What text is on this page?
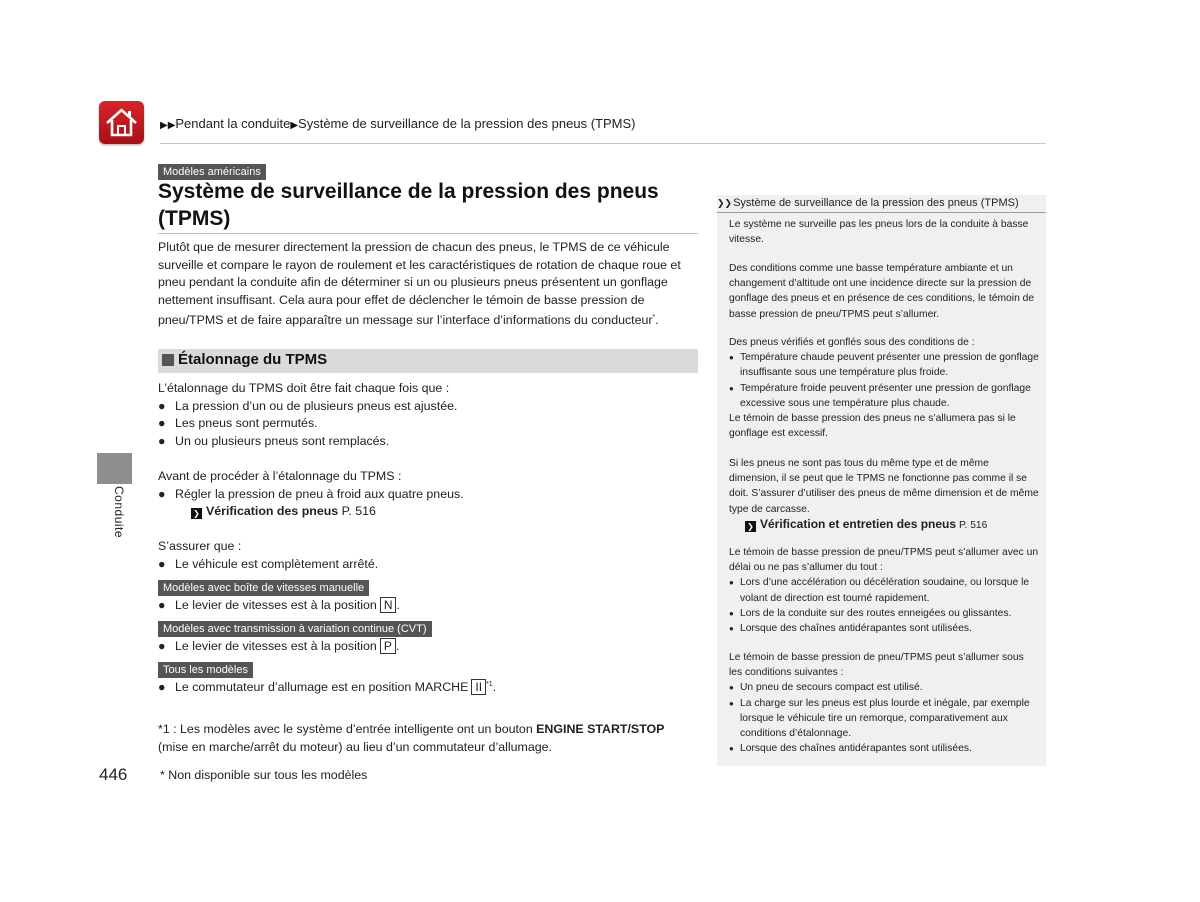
▶▶Pendant la conduite▶Système de surveillance de la pression des pneus (TPMS)
Conduite
Modèles américains
Système de surveillance de la pression des pneus (TPMS)
Plutôt que de mesurer directement la pression de chacun des pneus, le TPMS de ce véhicule surveille et compare le rayon de roulement et les caractéristiques de rotation de chaque roue et pneu pendant la conduite afin de déterminer si un ou plusieurs pneus présentent un gonflage nettement insuffisant. Cela aura pour effet de déclencher le témoin de basse pression de pneu/TPMS et de faire apparaître un message sur l’interface d’informations du conducteur*.
Étalonnage du TPMS
L’étalonnage du TPMS doit être fait chaque fois que :
● La pression d’un ou de plusieurs pneus est ajustée.
● Les pneus sont permutés.
● Un ou plusieurs pneus sont remplacés.
Avant de procéder à l’étalonnage du TPMS :
● Régler la pression de pneu à froid aux quatre pneus.
❯ Vérification des pneus P. 516
S’assurer que :
● Le véhicule est complètement arrêté.
Modèles avec boîte de vitesses manuelle
● Le levier de vitesses est à la position N .
Modèles avec transmission à variation continue (CVT)
● Le levier de vitesses est à la position P .
Tous les modèles
● Le commutateur d’allumage est en position MARCHE II $^{*1}$.
*1 : Les modèles avec le système d’entrée intelligente ont un bouton ENGINE START/STOP
(mise en marche/arrêt du moteur) au lieu d’un commutateur d’allumage.
❯❯Système de surveillance de la pression des pneus (TPMS)
Le système ne surveille pas les pneus lors de la conduite à basse vitesse.
Des conditions comme une basse température ambiante et un changement d’altitude ont une incidence directe sur la pression de gonflage des pneus et en présence de ces conditions, le témoin de basse pression de pneu/TPMS peut s’allumer.
Des pneus vérifiés et gonflés sous des conditions de :
● Température chaude peuvent présenter une pression de gonflage insuffisante sous une température plus froide.
● Température froide peuvent présenter une pression de gonflage excessive sous une température plus chaude.
Le témoin de basse pression des pneus ne s’allumera pas si le gonflage est excessif.
Si les pneus ne sont pas tous du même type et de même dimension, il se peut que le TPMS ne fonctionne pas comme il se doit. S’assurer d’utiliser des pneus de même dimension et de même type de carcasse.
❯ Vérification et entretien des pneus P. 516
Le témoin de basse pression de pneu/TPMS peut s’allumer avec un délai ou ne pas s’allumer du tout :
● Lors d’une accélération ou décélération soudaine, ou lorsque le volant de direction est tourné rapidement.
● Lors de la conduite sur des routes enneigées ou glissantes.
● Lorsque des chaînes antidérapantes sont utilisées.
Le témoin de basse pression de pneu/TPMS peut s’allumer sous les conditions suivantes :
● Un pneu de secours compact est utilisé.
● La charge sur les pneus est plus lourde et inégale, par exemple lorsque le véhicule tire un remorque, comparativement aux conditions d’étalonnage.
● Lorsque des chaînes antidérapantes sont utilisées.
446	* Non disponible sur tous les modèles
